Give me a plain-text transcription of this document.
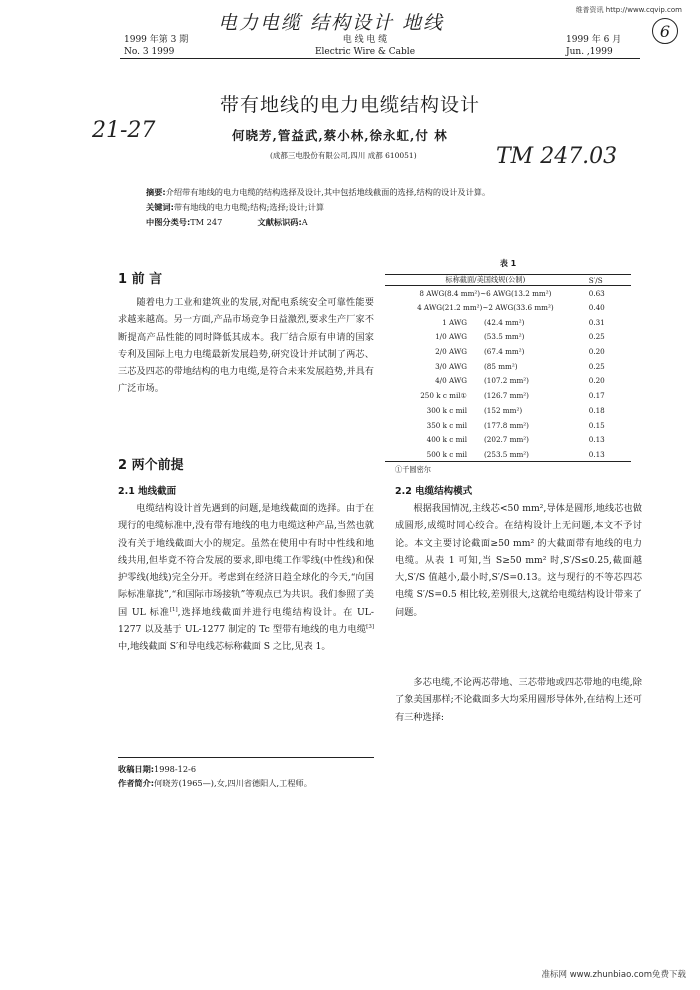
维普资讯 http://www.cqvip.com
电力电缆 结构设计 地线	6
1999 年第 3 期
No. 3 1999
电 线 电 缆
Electric Wire & Cable
1999 年 6 月
Jun. ,1999
带有地线的电力电缆结构设计
21-27	何晓芳,管益武,蔡小林,徐永虹,付 林
(成都三电股份有限公司,四川 成都 610051)	TM 247.03
摘要:介绍带有地线的电力电缆的结构选择及设计,其中包括地线截面的选择,结构的设计及计算。
关键词:带有地线的电力电缆;结构;选择;设计;计算
中图分类号:TM 247	文献标识码:A
1 前 言
随着电力工业和建筑业的发展,对配电系统安全可靠性能要求越来越高。另一方面,产品市场竞争日益激烈,要求生产厂家不断提高产品性能的同时降低其成本。我厂结合原有申请的国家专利及国际上电力电缆最新发展趋势,研究设计并试制了两芯、三芯及四芯的带地结构的电力电缆,是符合未来发展趋势,并具有广泛市场。
2 两个前提
2.1 地线截面
电缆结构设计首先遇到的问题,是地线截面的选择。由于在现行的电缆标准中,没有带有地线的电力电缆这种产品,当然也就没有关于地线截面大小的规定。虽然在使用中有时中性线和地线共用,但毕竟不符合发展的要求,即电缆工作零线(中性线)和保护零线(地线)完全分开。考虑到在经济日趋全球化的今天,“向国际标准靠拢”,“和国际市场接轨”等观点已为共识。我们参照了美国 UL 标准[1],选择地线截面并进行电缆结构设计。在 UL-1277 以及基于 UL-1277 制定的 Tc 型带有地线的电力电缆[3]中,地线截面 S′和导电线芯标称截面 S 之比,见表 1。
表 1
标称截面/美国线规(公制)		S′/S
8 AWG(8.4 mm²)~6 AWG(13.2 mm²)		0.63
4 AWG(21.2 mm²)~2 AWG(33.6 mm²)		0.40
1 AWG	(42.4 mm²)	0.31
1/0 AWG	(53.5 mm²)	0.25
2/0 AWG	(67.4 mm²)	0.20
3/0 AWG	(85 mm²)	0.25
4/0 AWG	(107.2 mm²)	0.20
250 k c mil①	(126.7 mm²)	0.17
300 k c mil	(152 mm²)	0.18
350 k c mil	(177.8 mm²)	0.15
400 k c mil	(202.7 mm²)	0.13
500 k c mil	(253.5 mm²)	0.13
①千圆密尔
2.2 电缆结构模式
根据我国情况,主线芯<50 mm²,导体是圆形,地线芯也做成圆形,成缆时同心绞合。在结构设计上无问题,本文不予讨论。本文主要讨论截面≥50 mm² 的大截面带有地线的电力电缆。从表 1 可知,当 S≥50 mm² 时,S′/S≤0.25,截面越大,S′/S 值越小,最小时,S′/S=0.13。这与现行的不等芯四芯电缆 S′/S=0.5 相比较,差别很大,这就给电缆结构设计带来了问题。
多芯电缆,不论两芯带地、三芯带地或四芯带地的电缆,除了象美国那样;不论截面多大均采用圆形导体外,在结构上还可有三种选择:
收稿日期:1998-12-6
作者简介:何晓芳(1965—),女,四川省德阳人,工程师。
准标网 www.zhunbiao.com免费下载
